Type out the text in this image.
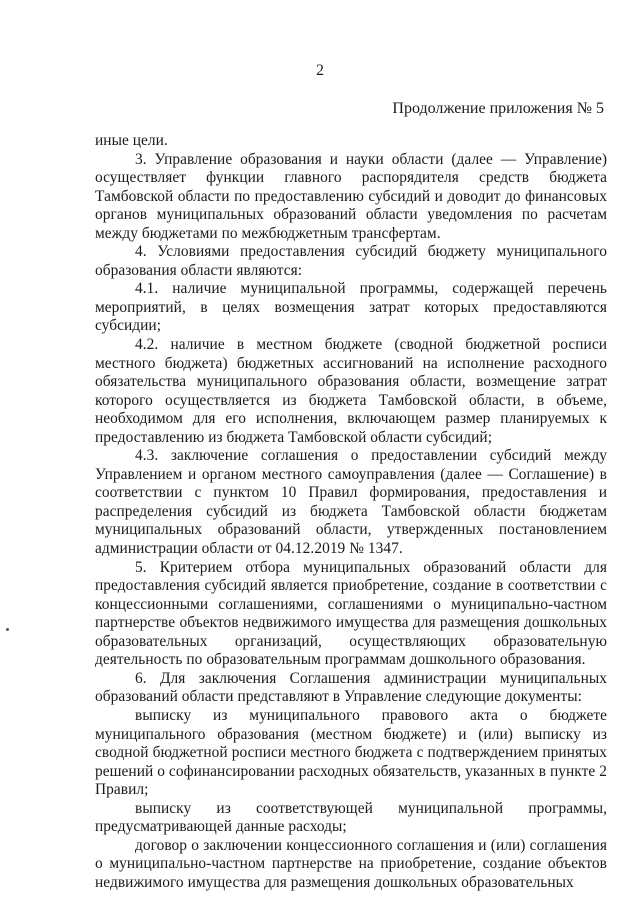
2
Продолжение приложения № 5

иные цели.

3. Управление образования и науки области (далее — Управление) осуществляет функции главного распорядителя средств бюджета Тамбовской области по предоставлению субсидий и доводит до финансовых органов муниципальных образований области уведомления по расчетам между бюджетами по межбюджетным трансфертам.

4. Условиями предоставления субсидий бюджету муниципального образования области являются:

4.1. наличие муниципальной программы, содержащей перечень мероприятий, в целях возмещения затрат которых предоставляются субсидии;

4.2. наличие в местном бюджете (сводной бюджетной росписи местного бюджета) бюджетных ассигнований на исполнение расходного обязательства муниципального образования области, возмещение затрат которого осуществляется из бюджета Тамбовской области, в объеме, необходимом для его исполнения, включающем размер планируемых к предоставлению из бюджета Тамбовской области субсидий;

4.3. заключение соглашения о предоставлении субсидий между Управлением и органом местного самоуправления (далее — Соглашение) в соответствии с пунктом 10 Правил формирования, предоставления и распределения субсидий из бюджета Тамбовской области бюджетам муниципальных образований области, утвержденных постановлением администрации области от 04.12.2019 № 1347.

5. Критерием отбора муниципальных образований области для предоставления субсидий является приобретение, создание в соответствии с концессионными соглашениями, соглашениями о муниципально-частном партнерстве объектов недвижимого имущества для размещения дошкольных образовательных организаций, осуществляющих образовательную деятельность по образовательным программам дошкольного образования.

6. Для заключения Соглашения администрации муниципальных образований области представляют в Управление следующие документы:

выписку из муниципального правового акта о бюджете муниципального образования (местном бюджете) и (или) выписку из сводной бюджетной росписи местного бюджета с подтверждением принятых решений о софинансировании расходных обязательств, указанных в пункте 2 Правил;

выписку из соответствующей муниципальной программы, предусматривающей данные расходы;

договор о заключении концессионного соглашения и (или) соглашения о муниципально-частном партнерстве на приобретение, создание объектов недвижимого имущества для размещения дошкольных образовательных
